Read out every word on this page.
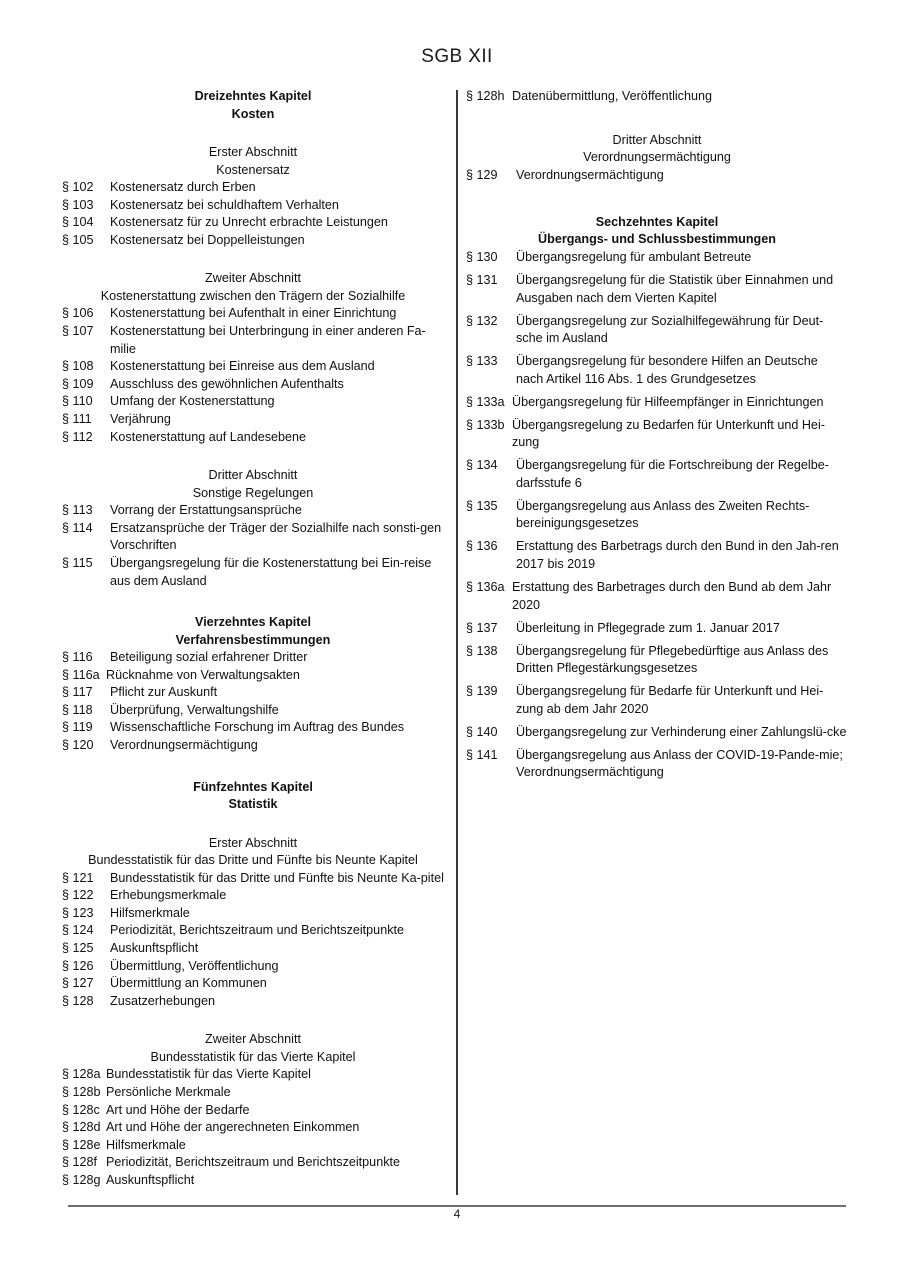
SGB XII
Dreizehntes Kapitel
Kosten
Erster Abschnitt
Kostenersatz
§ 102	Kostenersatz durch Erben
§ 103	Kostenersatz bei schuldhaftem Verhalten
§ 104	Kostenersatz für zu Unrecht erbrachte Leistungen
§ 105	Kostenersatz bei Doppelleistungen
Zweiter Abschnitt
Kostenerstattung zwischen den Trägern der Sozialhilfe
§ 106	Kostenerstattung bei Aufenthalt in einer Einrichtung
§ 107	Kostenerstattung bei Unterbringung in einer anderen Fa-​milie
§ 108	Kostenerstattung bei Einreise aus dem Ausland
§ 109	Ausschluss des gewöhnlichen Aufenthalts
§ 110	Umfang der Kostenerstattung
§ 111	Verjährung
§ 112	Kostenerstattung auf Landesebene
Dritter Abschnitt
Sonstige Regelungen
§ 113	Vorrang der Erstattungsansprüche
§ 114	Ersatzansprüche der Träger der Sozialhilfe nach sonsti-​gen Vorschriften
§ 115	Übergangsregelung für die Kostenerstattung bei Ein-​reise aus dem Ausland
Vierzehntes Kapitel
Verfahrensbestimmungen
§ 116	Beteiligung sozial erfahrener Dritter
§ 116a Rücknahme von Verwaltungsakten
§ 117	Pflicht zur Auskunft
§ 118	Überprüfung, Verwaltungshilfe
§ 119	Wissenschaftliche Forschung im Auftrag des Bundes
§ 120	Verordnungsermächtigung
Fünfzehntes Kapitel
Statistik
Erster Abschnitt
Bundesstatistik für das Dritte und Fünfte bis Neunte Kapitel
§ 121	Bundesstatistik für das Dritte und Fünfte bis Neunte Ka-​pitel
§ 122	Erhebungsmerkmale
§ 123	Hilfsmerkmale
§ 124	Periodizität, Berichtszeitraum und Berichtszeitpunkte
§ 125	Auskunftspflicht
§ 126	Übermittlung, Veröffentlichung
§ 127	Übermittlung an Kommunen
§ 128	Zusatzerhebungen
Zweiter Abschnitt
Bundesstatistik für das Vierte Kapitel
§ 128a Bundesstatistik für das Vierte Kapitel
§ 128b Persönliche Merkmale
§ 128c Art und Höhe der Bedarfe
§ 128d Art und Höhe der angerechneten Einkommen
§ 128e Hilfsmerkmale
§ 128f Periodizität, Berichtszeitraum und Berichtszeitpunkte
§ 128g Auskunftspflicht
§ 128h Datenübermittlung, Veröffentlichung
Dritter Abschnitt
Verordnungsermächtigung
§ 129	Verordnungsermächtigung
Sechzehntes Kapitel
Übergangs- und Schlussbestimmungen
§ 130	Übergangsregelung für ambulant Betreute
§ 131	Übergangsregelung für die Statistik über Einnahmen und Ausgaben nach dem Vierten Kapitel
§ 132	Übergangsregelung zur Sozialhilfegewährung für Deut-​sche im Ausland
§ 133	Übergangsregelung für besondere Hilfen an Deutsche nach Artikel 116 Abs. 1 des Grundgesetzes
§ 133a Übergangsregelung für Hilfeempfänger in Einrichtungen
§ 133b Übergangsregelung zu Bedarfen für Unterkunft und Hei-​zung
§ 134	Übergangsregelung für die Fortschreibung der Regelbe-​darfsstufe 6
§ 135	Übergangsregelung aus Anlass des Zweiten Rechts-​bereinigungsgesetzes
§ 136	Erstattung des Barbetrags durch den Bund in den Jah-​ren 2017 bis 2019
§ 136a Erstattung des Barbetrages durch den Bund ab dem Jahr 2020
§ 137	Überleitung in Pflegegrade zum 1. Januar 2017
§ 138	Übergangsregelung für Pflegebedürftige aus Anlass des Dritten Pflegestärkungsgesetzes
§ 139	Übergangsregelung für Bedarfe für Unterkunft und Hei-​zung ab dem Jahr 2020
§ 140	Übergangsregelung zur Verhinderung einer Zahlungslü-​cke
§ 141	Übergangsregelung aus Anlass der COVID-19-Pande-​mie; Verordnungsermächtigung
4
